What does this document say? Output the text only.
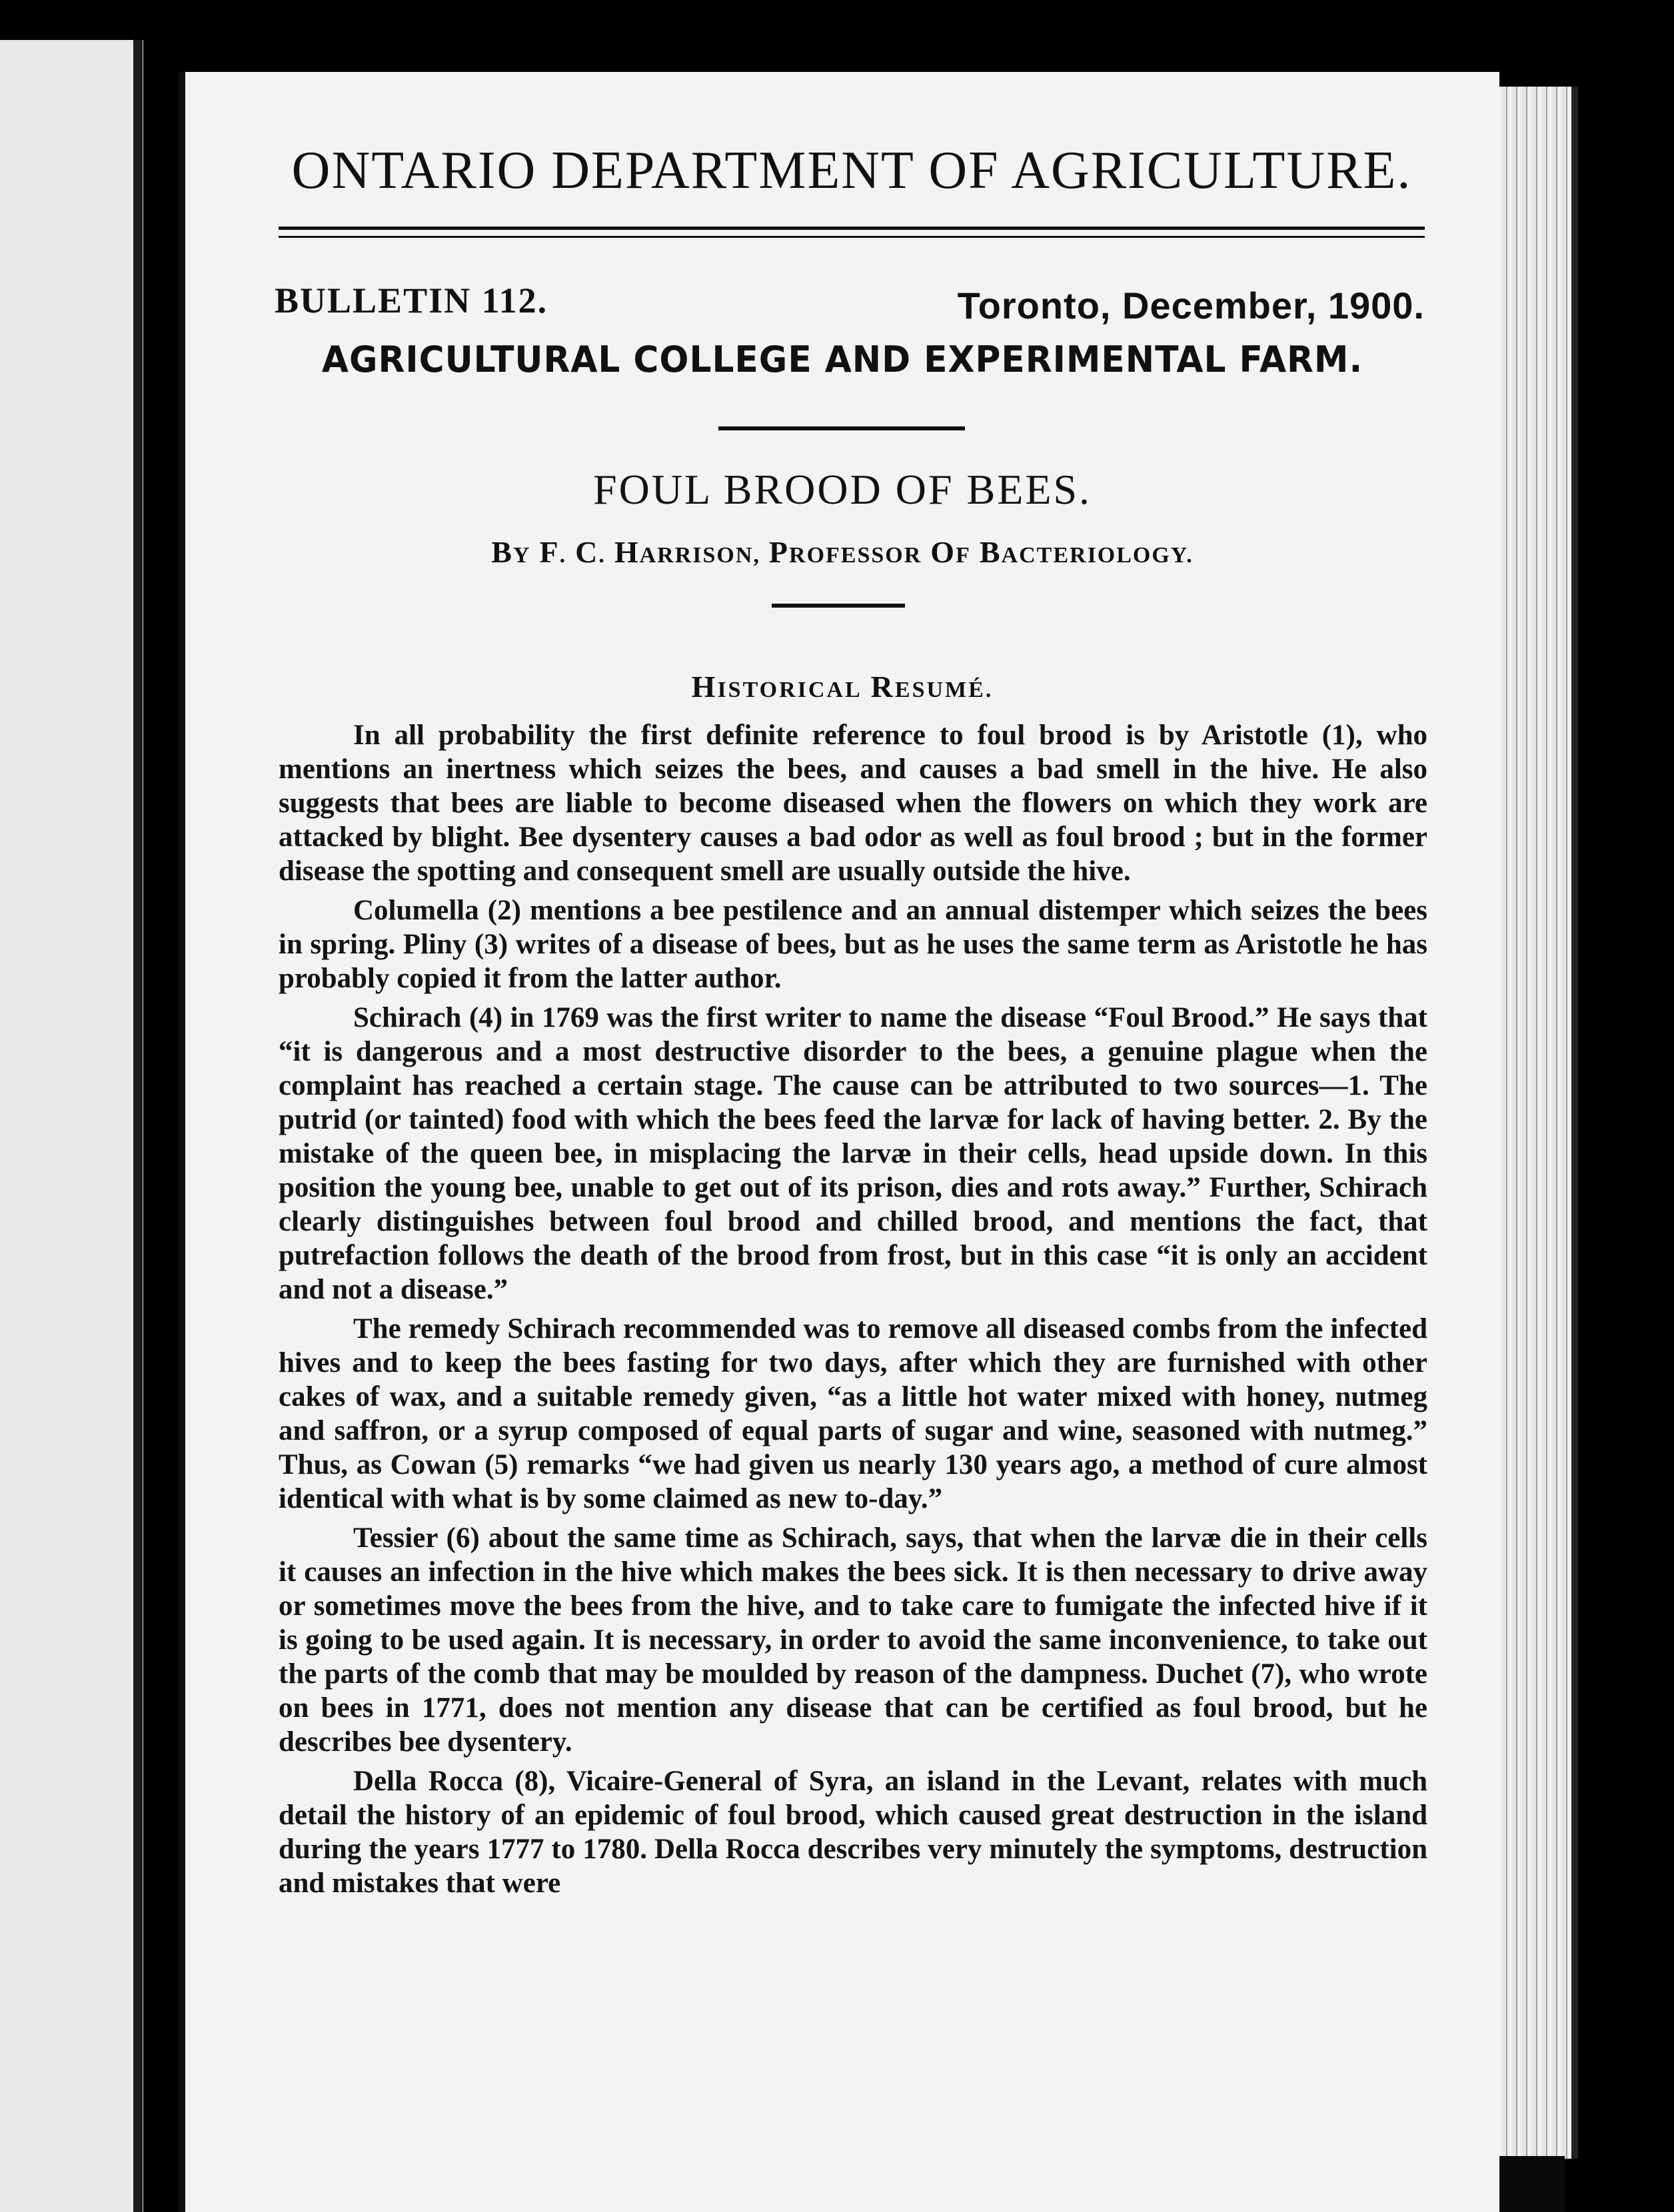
ONTARIO DEPARTMENT OF AGRICULTURE.
BULLETIN 112.	Toronto, December, 1900.
AGRICULTURAL COLLEGE AND EXPERIMENTAL FARM.
FOUL BROOD OF BEES.
BY F. C. HARRISON, PROFESSOR OF BACTERIOLOGY.
HISTORICAL RESUMÉ.

In all probability the first definite reference to foul brood is by Aristotle (1), who mentions an inertness which seizes the bees, and causes a bad smell in the hive. He also suggests that bees are liable to become diseased when the flowers on which they work are attacked by blight. Bee dysentery causes a bad odor as well as foul brood ; but in the former disease the spotting and consequent smell are usually outside the hive.

Columella (2) mentions a bee pestilence and an annual distemper which seizes the bees in spring. Pliny (3) writes of a disease of bees, but as he uses the same term as Aristotle he has probably copied it from the latter author.

Schirach (4) in 1769 was the first writer to name the disease “Foul Brood.” He says that “it is dangerous and a most destructive disorder to the bees, a genuine plague when the complaint has reached a certain stage. The cause can be attributed to two sources—1. The putrid (or tainted) food with which the bees feed the larvæ for lack of having better. 2. By the mistake of the queen bee, in misplacing the larvæ in their cells, head upside down. In this position the young bee, unable to get out of its prison, dies and rots away.” Further, Schirach clearly distinguishes between foul brood and chilled brood, and mentions the fact, that putrefaction follows the death of the brood from frost, but in this case “it is only an accident and not a disease.”

The remedy Schirach recommended was to remove all diseased combs from the infected hives and to keep the bees fasting for two days, after which they are furnished with other cakes of wax, and a suitable remedy given, “as a little hot water mixed with honey, nutmeg and saffron, or a syrup composed of equal parts of sugar and wine, seasoned with nutmeg.” Thus, as Cowan (5) remarks “we had given us nearly 130 years ago, a method of cure almost identical with what is by some claimed as new to-day.”

Tessier (6) about the same time as Schirach, says, that when the larvæ die in their cells it causes an infection in the hive which makes the bees sick. It is then necessary to drive away or sometimes move the bees from the hive, and to take care to fumigate the infected hive if it is going to be used again. It is necessary, in order to avoid the same inconvenience, to take out the parts of the comb that may be moulded by reason of the dampness. Duchet (7), who wrote on bees in 1771, does not mention any disease that can be certified as foul brood, but he describes bee dysentery.

Della Rocca (8), Vicaire-General of Syra, an island in the Levant, relates with much detail the history of an epidemic of foul brood, which caused great destruction in the island during the years 1777 to 1780. Della Rocca describes very minutely the symptoms, destruction and mistakes that were
